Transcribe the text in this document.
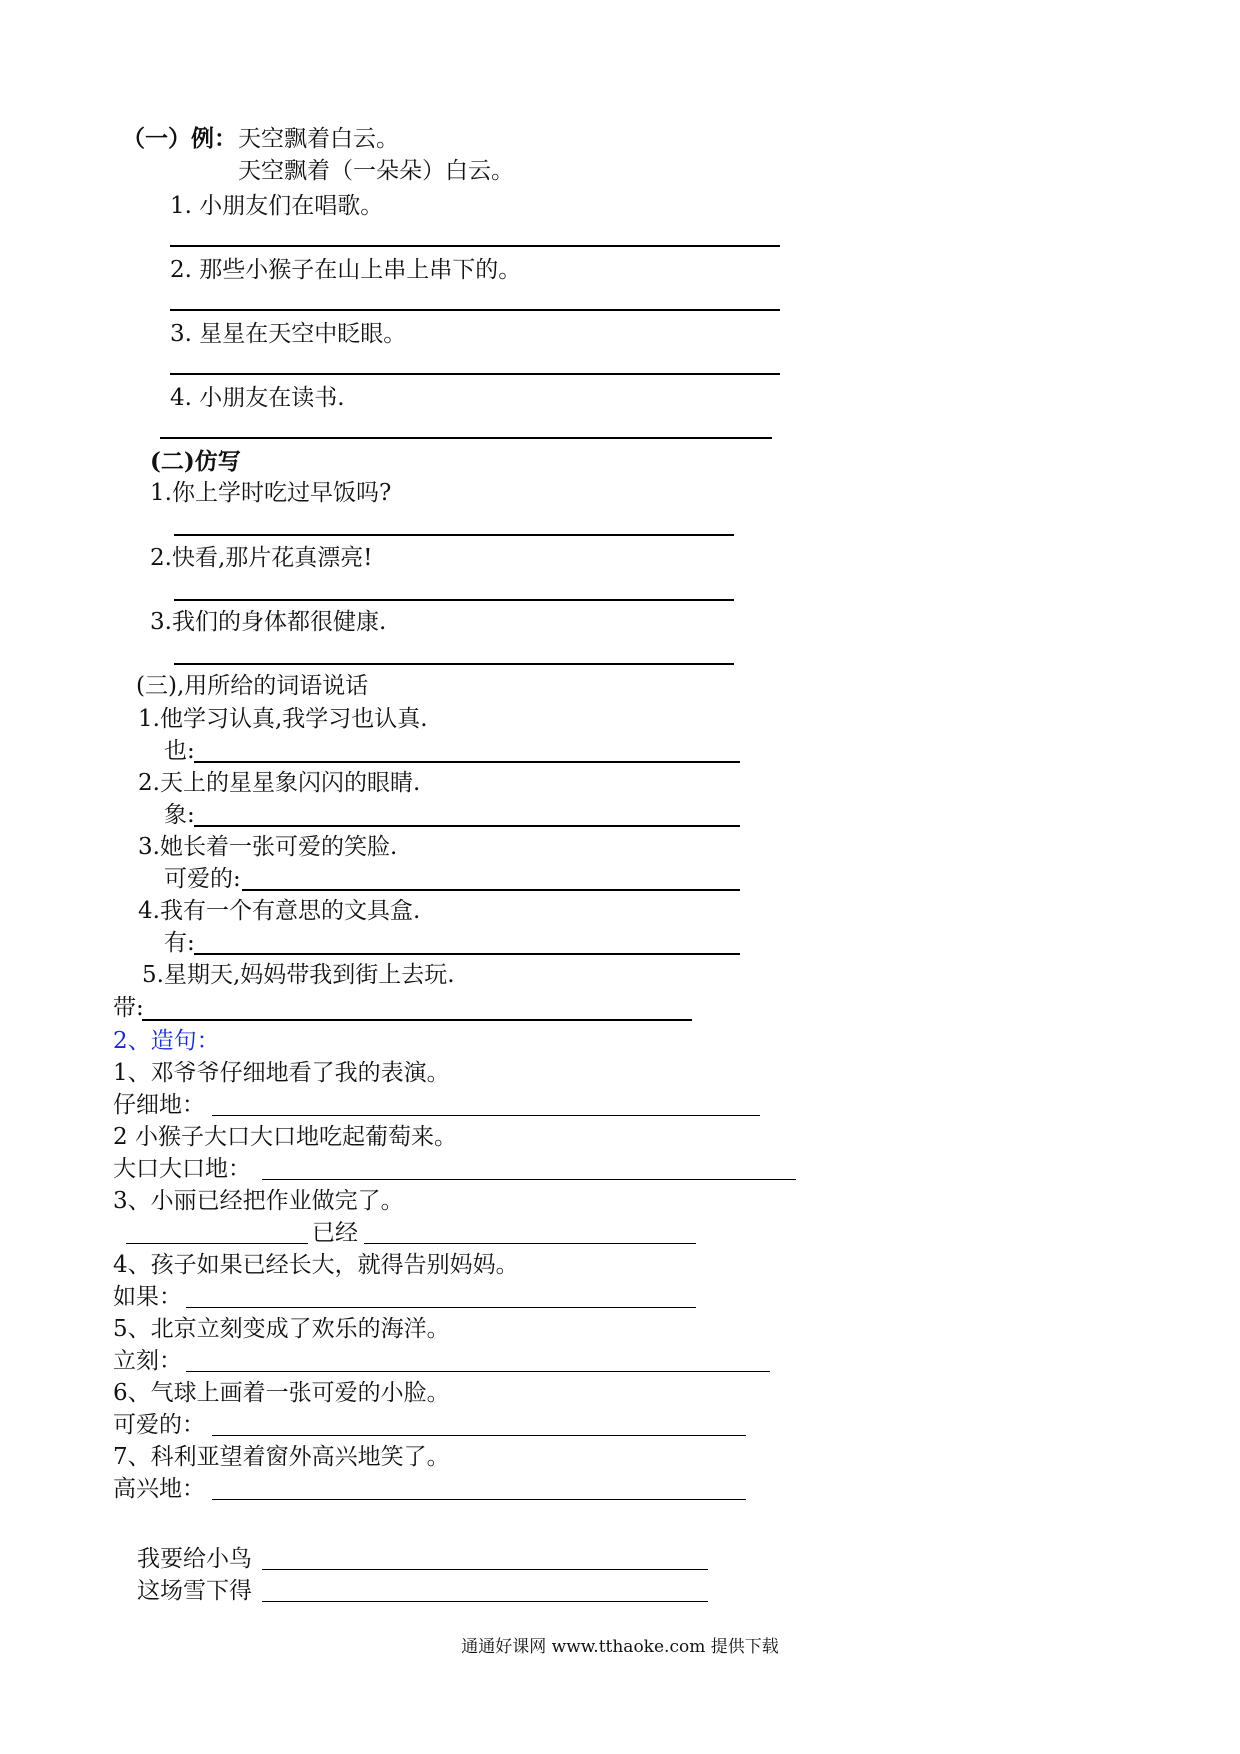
（一）例： 天空飘着白云。
天空飘着（一朵朵）白云。
1. 小朋友们在唱歌。
2. 那些小猴子在山上串上串下的。
3. 星星在天空中眨眼。
4. 小朋友在读书.
(二)仿写
1.你上学时吃过早饭吗?
2.快看,那片花真漂亮!
3.我们的身体都很健康.
(三),用所给的词语说话
1.他学习认真,我学习也认真.
也:
2.天上的星星象闪闪的眼睛.
象:
3.她长着一张可爱的笑脸.
可爱的:
4.我有一个有意思的文具盒.
有:
5.星期天,妈妈带我到街上去玩.
带:
2、造句：
1、邓爷爷仔细地看了我的表演。
仔细地：
2 小猴子大口大口地吃起葡萄来。
大口大口地：
3、小丽已经把作业做完了。
已经
4、孩子如果已经长大，就得告别妈妈。
如果：
5、北京立刻变成了欢乐的海洋。
立刻：
6、气球上画着一张可爱的小脸。
可爱的：
7、科利亚望着窗外高兴地笑了。
高兴地：
我要给小鸟
这场雪下得
通通好课网 www.tthaoke.com 提供下载
